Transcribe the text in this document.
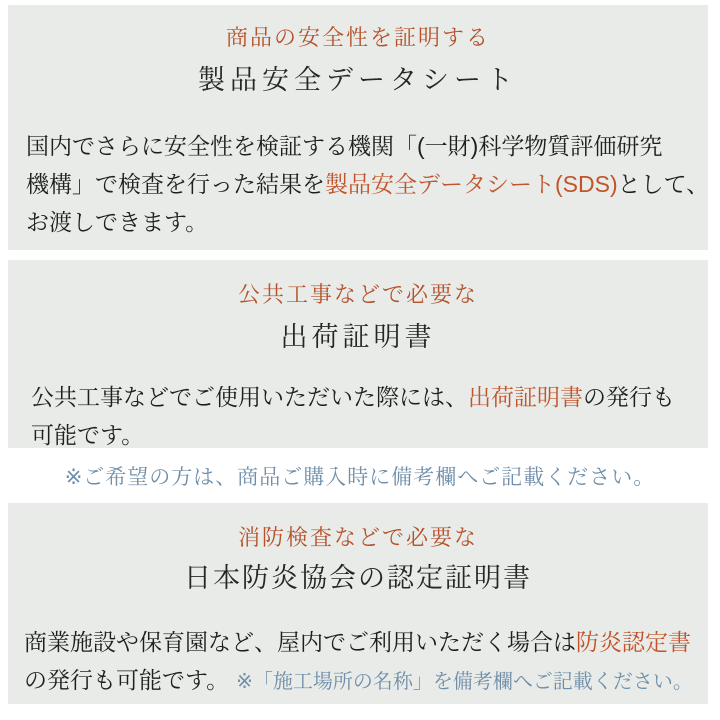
商品の安全性を証明する
製品安全データシート
国内でさらに安全性を検証する機関「(一財)科学物質評価研究
機構」で検査を行った結果を製品安全データシート(SDS)として、
お渡しできます。
公共工事などで必要な
出荷証明書
公共工事などでご使用いただいた際には、出荷証明書の発行も
可能です。
※ご希望の方は、商品ご購入時に備考欄へご記載ください。
消防検査などで必要な
日本防炎協会の認定証明書
商業施設や保育園など、屋内でご利用いただく場合は防炎認定書
の発行も可能です。 ※「施工場所の名称」を備考欄へご記載ください。
